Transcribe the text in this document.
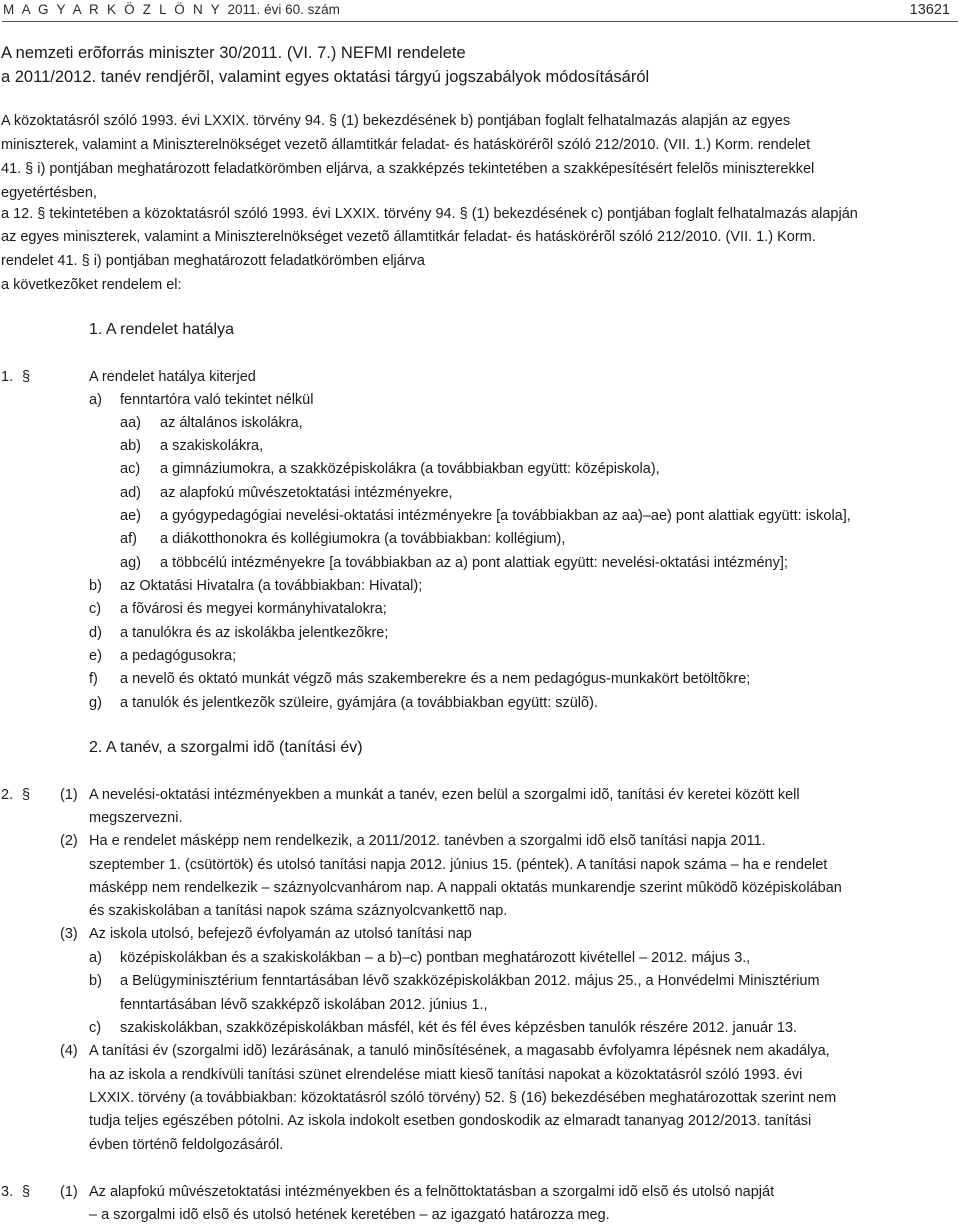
M A G Y A R K Ö Z L Ö N Y 2011. évi 60. szám	13621
A nemzeti erõforrás miniszter 30/2011. (VI. 7.) NEFMI rendelete
a 2011/2012. tanév rendjérõl, valamint egyes oktatási tárgyú jogszabályok módosításáról
A közoktatásról szóló 1993. évi LXXIX. törvény 94. § (1) bekezdésének b) pontjában foglalt felhatalmazás alapján az egyes
miniszterek, valamint a Miniszterelnökséget vezetõ államtitkár feladat- és hatáskörérõl szóló 212/2010. (VII. 1.) Korm. rendelet
41. § i) pontjában meghatározott feladatkörömben eljárva, a szakképzés tekintetében a szakképesítésért felelõs miniszterekkel
egyetértésben,
a 12. § tekintetében a közoktatásról szóló 1993. évi LXXIX. törvény 94. § (1) bekezdésének c) pontjában foglalt felhatalmazás alapján
az egyes miniszterek, valamint a Miniszterelnökséget vezetõ államtitkár feladat- és hatáskörérõl szóló 212/2010. (VII. 1.) Korm.
rendelet 41. § i) pontjában meghatározott feladatkörömben eljárva
a következõket rendelem el:
1. A rendelet hatálya
1. §	A rendelet hatálya kiterjed
a) fenntartóra való tekintet nélkül
aa) az általános iskolákra,
ab) a szakiskolákra,
ac) a gimnáziumokra, a szakközépiskolákra (a továbbiakban együtt: középiskola),
ad) az alapfokú mûvészetoktatási intézményekre,
ae) a gyógypedagógiai nevelési-oktatási intézményekre [a továbbiakban az aa)–ae) pont alattiak együtt: iskola],
af) a diákotthonokra és kollégiumokra (a továbbiakban: kollégium),
ag) a többcélú intézményekre [a továbbiakban az a) pont alattiak együtt: nevelési-oktatási intézmény];
b) az Oktatási Hivatalra (a továbbiakban: Hivatal);
c) a fõvárosi és megyei kormányhivatalokra;
d) a tanulókra és az iskolákba jelentkezõkre;
e) a pedagógusokra;
f) a nevelõ és oktató munkát végzõ más szakemberekre és a nem pedagógus-munkakört betöltõkre;
g) a tanulók és jelentkezõk szüleire, gyámjára (a továbbiakban együtt: szülõ).
2. A tanév, a szorgalmi idõ (tanítási év)
2. § (1) A nevelési-oktatási intézményekben a munkát a tanév, ezen belül a szorgalmi idõ, tanítási év keretei között kell
megszervezni.
(2) Ha e rendelet másképp nem rendelkezik, a 2011/2012. tanévben a szorgalmi idõ elsõ tanítási napja 2011.
szeptember 1. (csütörtök) és utolsó tanítási napja 2012. június 15. (péntek). A tanítási napok száma – ha e rendelet
másképp nem rendelkezik – száznyolcvanhárom nap. A nappali oktatás munkarendje szerint mûködõ középiskolában
és szakiskolában a tanítási napok száma száznyolcvankettõ nap.
(3) Az iskola utolsó, befejezõ évfolyamán az utolsó tanítási nap
a) középiskolákban és a szakiskolákban – a b)–c) pontban meghatározott kivétellel – 2012. május 3.,
b) a Belügyminisztérium fenntartásában lévõ szakközépiskolákban 2012. május 25., a Honvédelmi Minisztérium
fenntartásában lévõ szakképzõ iskolában 2012. június 1.,
c) szakiskolákban, szakközépiskolákban másfél, két és fél éves képzésben tanulók részére 2012. január 13.
(4) A tanítási év (szorgalmi idõ) lezárásának, a tanuló minõsítésének, a magasabb évfolyamra lépésnek nem akadálya,
ha az iskola a rendkívüli tanítási szünet elrendelése miatt kiesõ tanítási napokat a közoktatásról szóló 1993. évi
LXXIX. törvény (a továbbiakban: közoktatásról szóló törvény) 52. § (16) bekezdésében meghatározottak szerint nem
tudja teljes egészében pótolni. Az iskola indokolt esetben gondoskodik az elmaradt tananyag 2012/2013. tanítási
évben történõ feldolgozásáról.
3. § (1) Az alapfokú mûvészetoktatási intézményekben és a felnõttoktatásban a szorgalmi idõ elsõ és utolsó napját
– a szorgalmi idõ elsõ és utolsó hetének keretében – az igazgató határozza meg.
